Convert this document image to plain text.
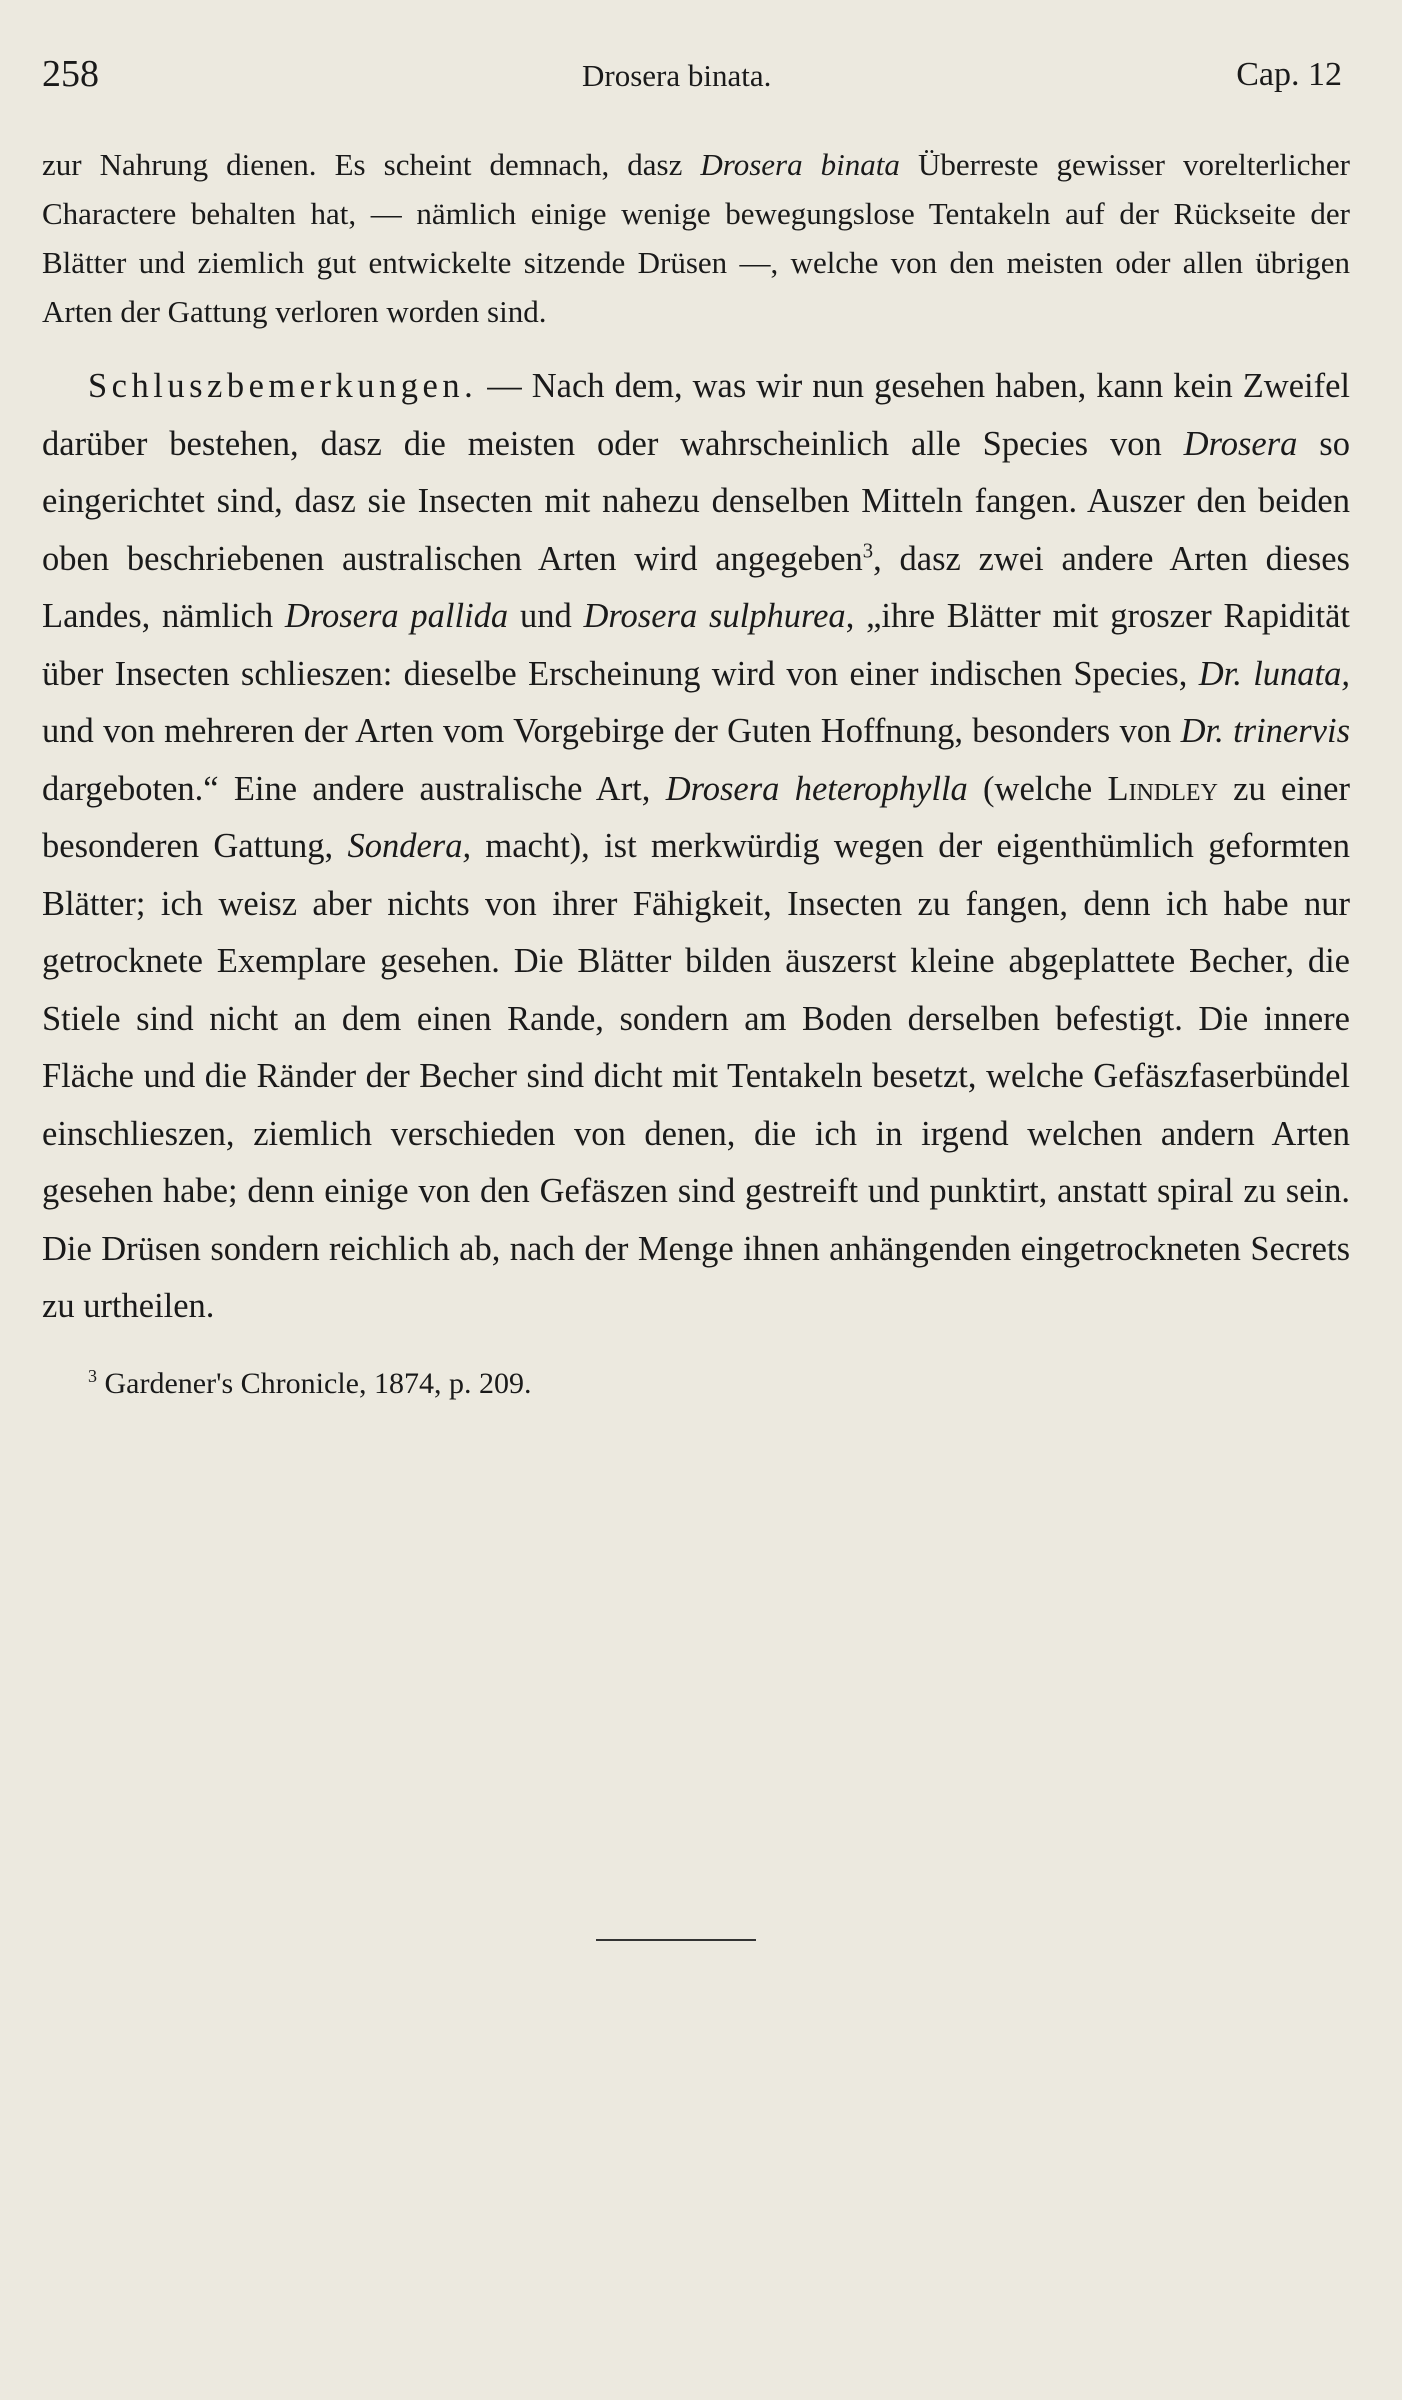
258	Drosera binata.	Cap. 12

zur Nahrung dienen. Es scheint demnach, dasz Drosera binata Überreste gewisser vorelterlicher Charactere behalten hat, — nämlich einige wenige bewegungslose Tentakeln auf der Rückseite der Blätter und ziemlich gut entwickelte sitzende Drüsen —, welche von den meisten oder allen übrigen Arten der Gattung verloren worden sind.

Schluszbemerkungen. — Nach dem, was wir nun gesehen haben, kann kein Zweifel darüber bestehen, dasz die meisten oder wahrscheinlich alle Species von Drosera so eingerichtet sind, dasz sie Insecten mit nahezu denselben Mitteln fangen. Auszer den beiden oben beschriebenen australischen Arten wird angegeben$^3$, dasz zwei andere Arten dieses Landes, nämlich Drosera pallida und Drosera sulphurea, „ihre Blätter mit groszer Rapidität über Insecten schlieszen: dieselbe Erscheinung wird von einer indischen Species, Dr. lunata, und von mehreren der Arten vom Vorgebirge der Guten Hoffnung, besonders von Dr. trinervis dargeboten.“ Eine andere australische Art, Drosera heterophylla (welche Lindley zu einer besonderen Gattung, Sondera, macht), ist merkwürdig wegen der eigenthümlich geformten Blätter; ich weisz aber nichts von ihrer Fähigkeit, Insecten zu fangen, denn ich habe nur getrocknete Exemplare gesehen. Die Blätter bilden äuszerst kleine abgeplattete Becher, die Stiele sind nicht an dem einen Rande, sondern am Boden derselben befestigt. Die innere Fläche und die Ränder der Becher sind dicht mit Tentakeln besetzt, welche Gefäszfaserbündel einschlieszen, ziemlich verschieden von denen, die ich in irgend welchen andern Arten gesehen habe; denn einige von den Gefäszen sind gestreift und punktirt, anstatt spiral zu sein. Die Drüsen sondern reichlich ab, nach der Menge ihnen anhängenden eingetrockneten Secrets zu urtheilen.

$^3$ Gardener's Chronicle, 1874, p. 209.
